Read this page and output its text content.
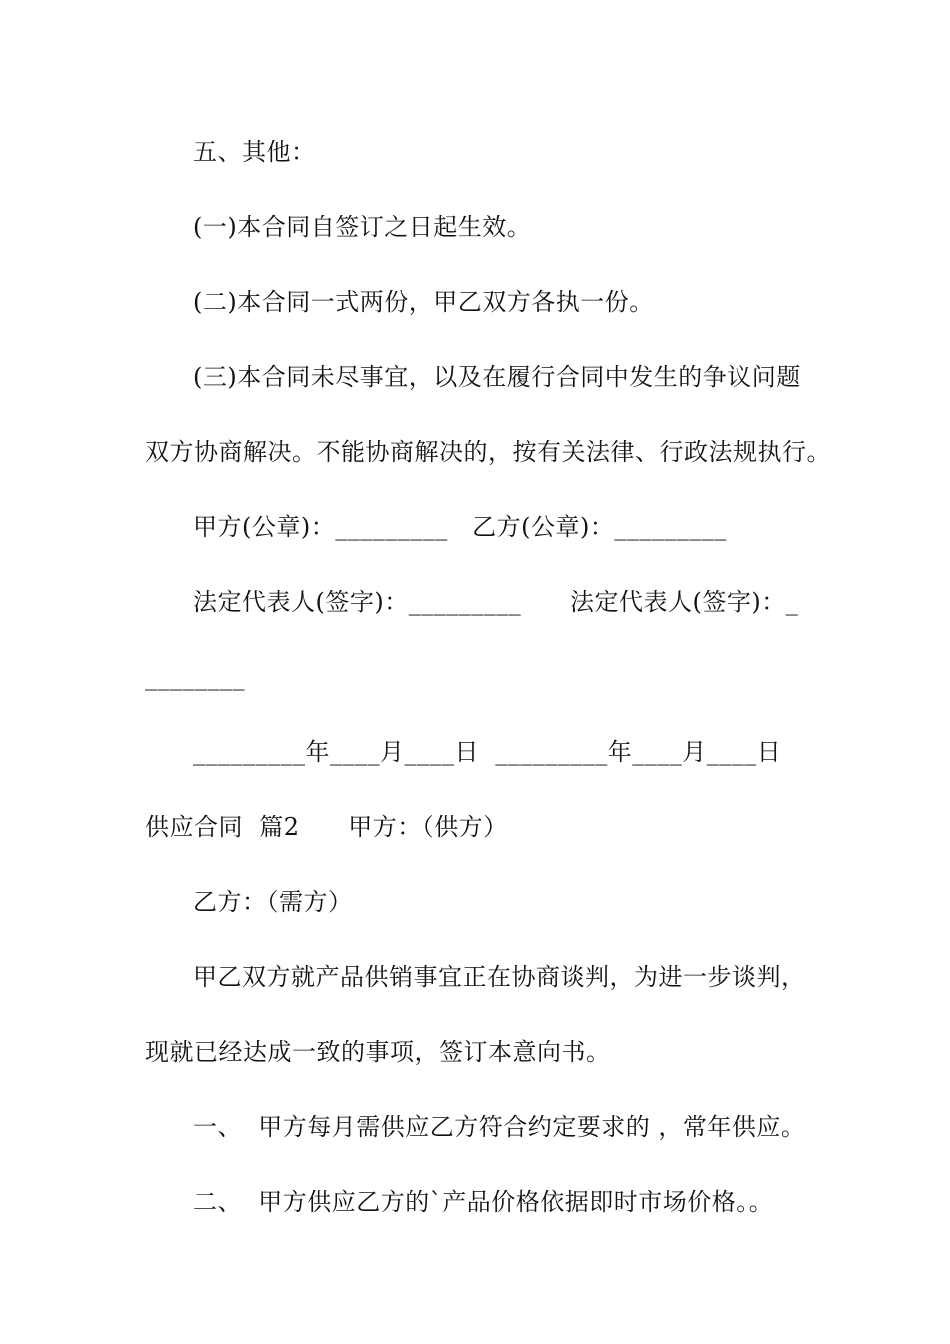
五、其他：
(一)本合同自签订之日起生效。
(二)本合同一式两份，甲乙双方各执一份。
(三)本合同未尽事宜，以及在履行合同中发生的争议问题
双方协商解决。不能协商解决的，按有关法律、行政法规执行。
甲方(公章)：_________   乙方(公章)：_________
法定代表人(签字)：_________      法定代表人(签字)：_
________
_________年____月____日  _________年____月____日
供应合同  篇2      甲方：（供方）
乙方：（需方）
甲乙双方就产品供销事宜正在协商谈判，为进一步谈判，
现就已经达成一致的事项，签订本意向书。
一、  甲方每月需供应乙方符合约定要求的 ，常年供应。
二、  甲方供应乙方的`产品价格依据即时市场价格。。
